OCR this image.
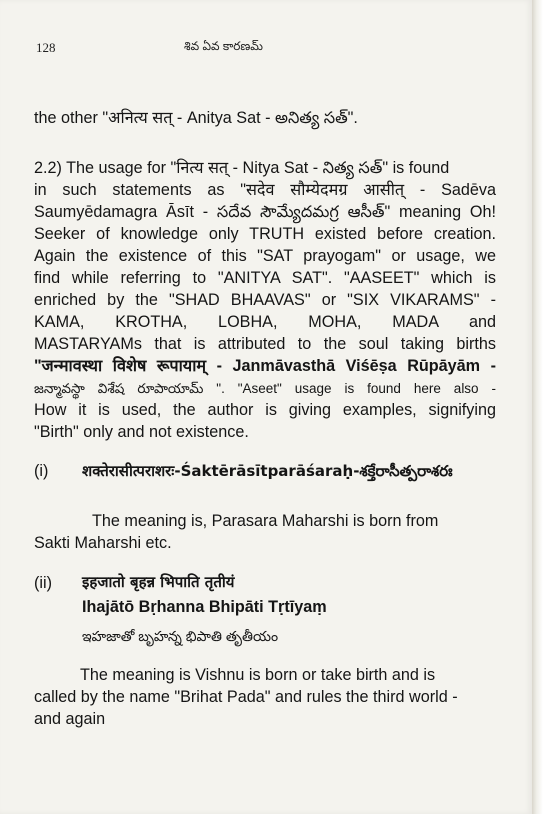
128	శివ ఏవ కారణమ్
the other "अनित्य सत् - Anitya Sat - అనిత్య సత్".
2.2) The usage for "नित्य सत् - Nitya Sat - నిత్య సత్" is found
in such statements as "सदेव सौम्येदमग्र आसीत् - Sadēva
Saumyēdamagra Āsīt - సదేవ సౌమ్యేదమగ్ర ఆసీత్" meaning Oh!
Seeker of knowledge only TRUTH existed before creation.
Again the existence of this "SAT prayogam" or usage, we
find while referring to "ANITYA SAT". "AASEET" which is
enriched by the "SHAD BHAAVAS" or "SIX VIKARAMS" -
KAMA, KROTHA, LOBHA, MOHA, MADA and
MASTARYAMs that is attributed to the soul taking births
"जन्मावस्था विशेष रूपायाम् - Janmāvasthā Viśēṣa Rūpāyām -
జన్మావస్థా విశేష రూపాయామ్ ". "Aseet" usage is found here also -
How it is used, the author is giving examples, signifying
"Birth" only and not existence.
(i)	शक्तेरासीत्पराशरः-Śaktērāsītparāśaraḥ-శక్తేరాసీత్పరాశరః
The meaning is, Parasara Maharshi is born from
Sakti Maharshi etc.
(ii)	इहजातो बृहन्न भिपाति तृतीयं
Ihajātō Bṛhanna Bhipāti Tṛtīyaṃ
ఇహజాతో బృహన్న భిపాతి తృతీయం
The meaning is Vishnu is born or take birth and is
called by the name "Brihat Pada" and rules the third world -
and again
